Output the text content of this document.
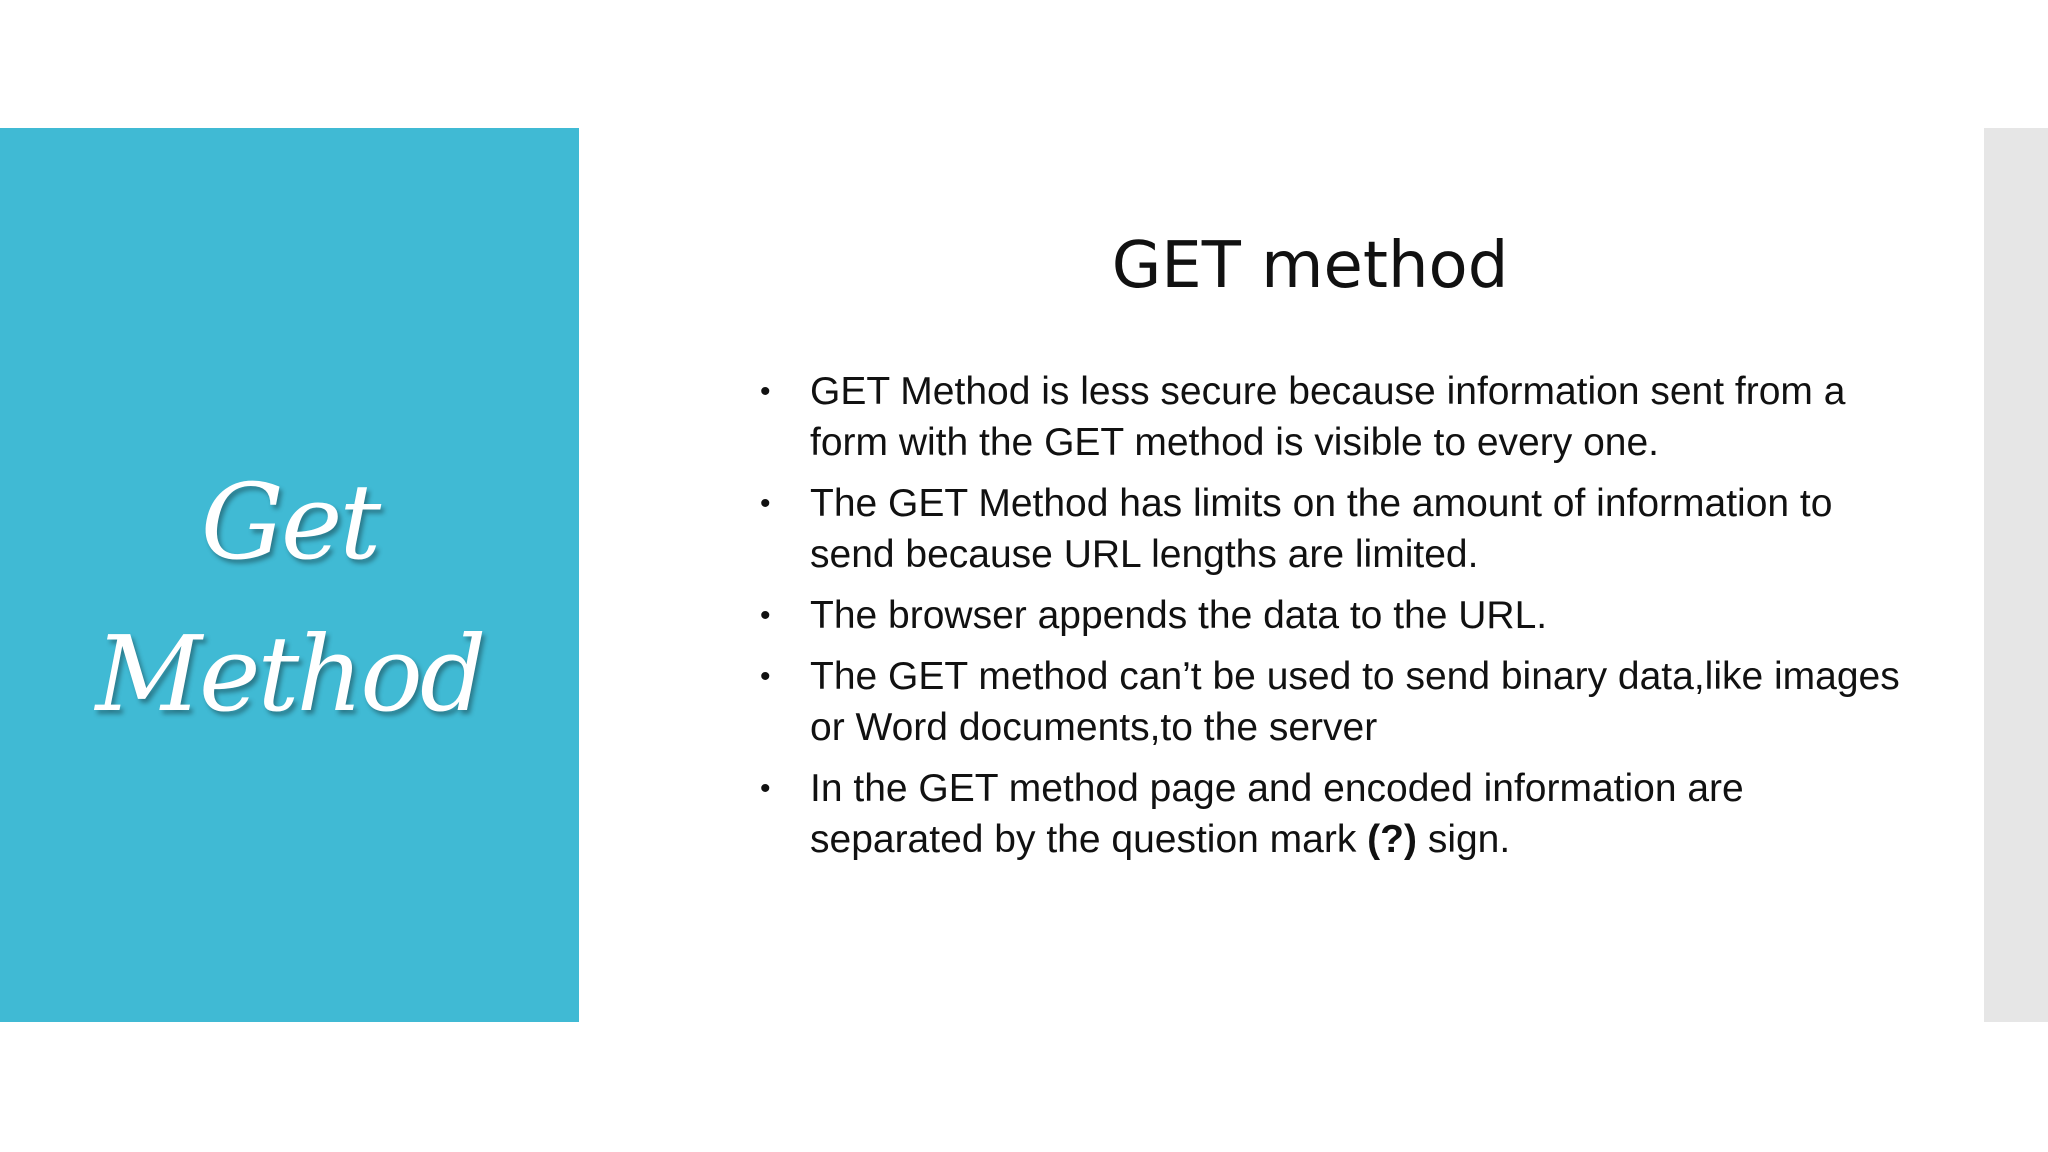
Get
Method
GET method
•	GET Method is less secure because information sent from a form with the GET method is visible to every one.
•	The GET Method has limits on the amount of information to send because URL lengths are limited.
•	The browser appends the data to the URL.
•	The GET method can’t be used to send binary data,like images or Word documents,to the server
•	In the GET method page and encoded information are separated by the question mark (?) sign.
